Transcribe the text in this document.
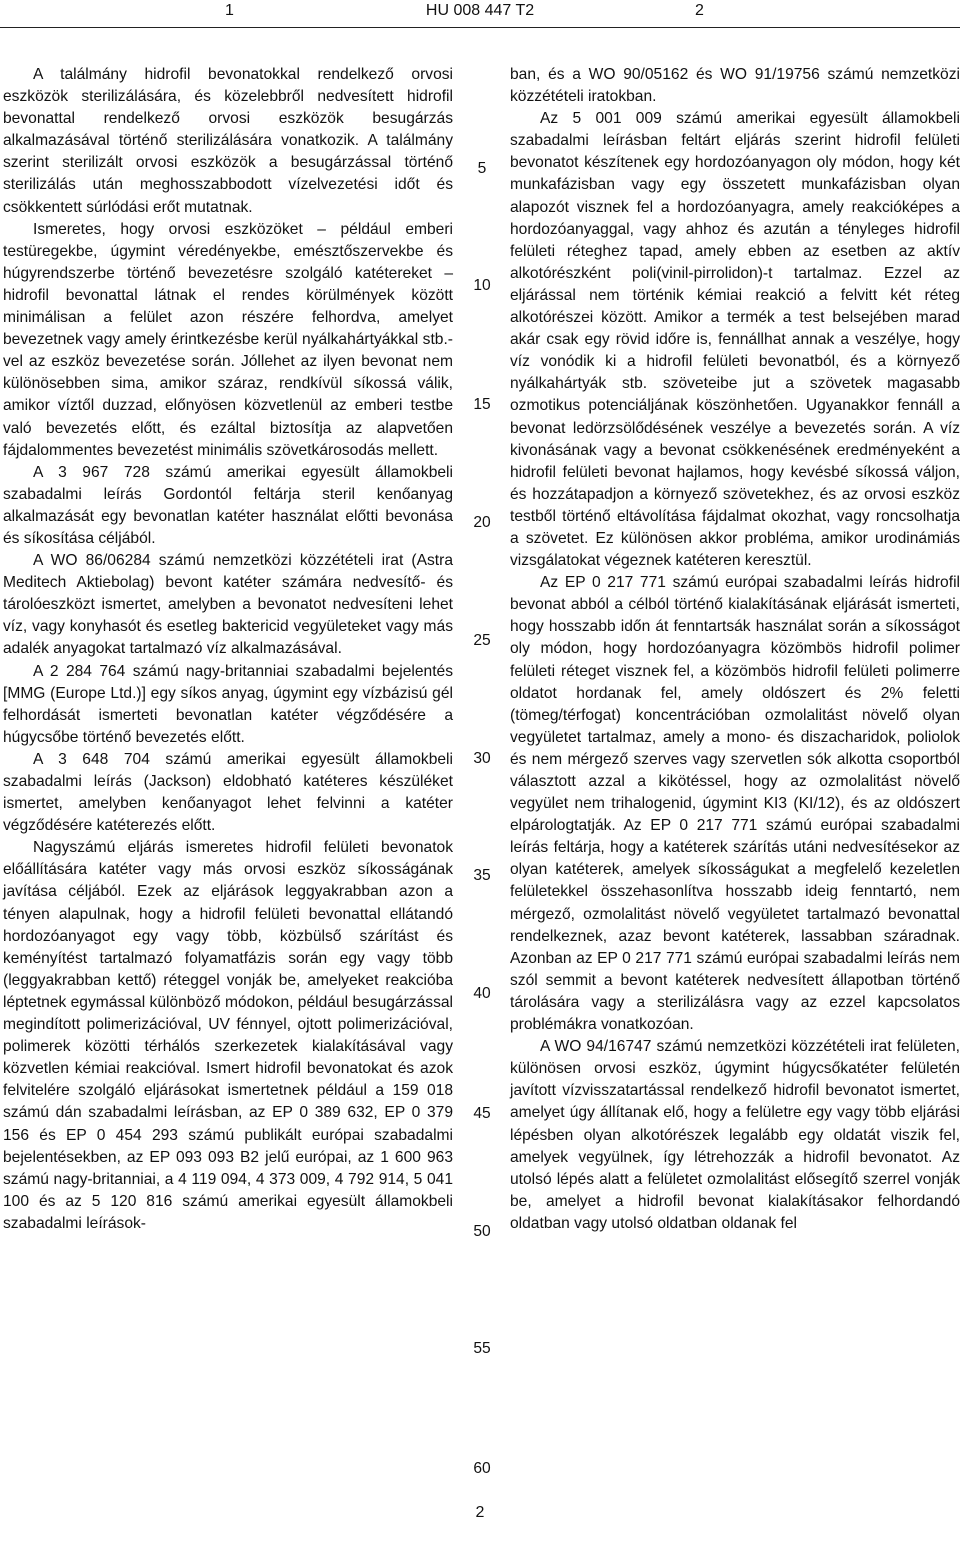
1	HU 008 447 T2	2

A találmány hidrofil bevonatokkal rendelkező orvosi eszközök sterilizálására, és közelebbről nedvesített hidrofil bevonattal rendelkező orvosi eszközök besugárzás alkalmazásával történő sterilizálására vonatkozik. A találmány szerint sterilizált orvosi eszközök a besugárzással történő sterilizálás után meghosszabbodott vízelvezetési időt és csökkentett súrlódási erőt mutatnak.

Ismeretes, hogy orvosi eszközöket – például emberi testüregekbe, úgymint véredényekbe, emésztőszervekbe és húgyrendszerbe történő bevezetésre szolgáló katétereket – hidrofil bevonattal látnak el rendes körülmények között minimálisan a felület azon részére felhordva, amelyet bevezetnek vagy amely érintkezésbe kerül nyálkahártyákkal stb.-vel az eszköz bevezetése során. Jóllehet az ilyen bevonat nem különösebben sima, amikor száraz, rendkívül síkossá válik, amikor víztől duzzad, előnyösen közvetlenül az emberi testbe való bevezetés előtt, és ezáltal biztosítja az alapvetően fájdalommentes bevezetést minimális szövetkárosodás mellett.

A 3 967 728 számú amerikai egyesült államokbeli szabadalmi leírás Gordontól feltárja steril kenőanyag alkalmazását egy bevonatlan katéter használat előtti bevonása és síkosítása céljából.

A WO 86/06284 számú nemzetközi közzétételi irat (Astra Meditech Aktiebolag) bevont katéter számára nedvesítő- és tárolóeszközt ismertet, amelyben a bevonatot nedvesíteni lehet víz, vagy konyhasót és esetleg baktericid vegyületeket vagy más adalék anyagokat tartalmazó víz alkalmazásával.

A 2 284 764 számú nagy-britanniai szabadalmi bejelentés [MMG (Europe Ltd.)] egy síkos anyag, úgymint egy vízbázisú gél felhordását ismerteti bevonatlan katéter végződésére a húgycsőbe történő bevezetés előtt.

A 3 648 704 számú amerikai egyesült államokbeli szabadalmi leírás (Jackson) eldobható katéteres készüléket ismertet, amelyben kenőanyagot lehet felvinni a katéter végződésére katéterezés előtt.

Nagyszámú eljárás ismeretes hidrofil felületi bevonatok előállítására katéter vagy más orvosi eszköz síkosságának javítása céljából. Ezek az eljárások leggyakrabban azon a tényen alapulnak, hogy a hidrofil felületi bevonattal ellátandó hordozóanyagot egy vagy több, közbülső szárítást és keményítést tartalmazó folyamatfázis során egy vagy több (leggyakrabban kettő) réteggel vonják be, amelyeket reakcióba léptetnek egymással különböző módokon, például besugárzással megindított polimerizációval, UV fénnyel, ojtott polimerizációval, polimerek közötti térhálós szerkezetek kialakításával vagy közvetlen kémiai reakcióval. Ismert hidrofil bevonatokat és azok felvitelére szolgáló eljárásokat ismertetnek például a 159 018 számú dán szabadalmi leírásban, az EP 0 389 632, EP 0 379 156 és EP 0 454 293 számú publikált európai szabadalmi bejelentésekben, az EP 093 093 B2 jelű európai, az 1 600 963 számú nagy-britanniai, a 4 119 094, 4 373 009, 4 792 914, 5 041 100 és az 5 120 816 számú amerikai egyesült államokbeli szabadalmi leírások-

ban, és a WO 90/05162 és WO 91/19756 számú nemzetközi közzétételi iratokban.

Az 5 001 009 számú amerikai egyesült államokbeli szabadalmi leírásban feltárt eljárás szerint hidrofil felületi bevonatot készítenek egy hordozóanyagon oly módon, hogy két munkafázisban vagy egy összetett munkafázisban olyan alapozót visznek fel a hordozóanyagra, amely reakcióképes a hordozóanyaggal, vagy ahhoz és azután a tényleges hidrofil felületi réteghez tapad, amely ebben az esetben az aktív alkotórészként poli(vinil-pirrolidon)-t tartalmaz. Ezzel az eljárással nem történik kémiai reakció a felvitt két réteg alkotórészei között. Amikor a termék a test belsejében marad akár csak egy rövid időre is, fennállhat annak a veszélye, hogy víz vonódik ki a hidrofil felületi bevonatból, és a környező nyálkahártyák stb. szöveteibe jut a szövetek magasabb ozmotikus potenciáljának köszönhetően. Ugyanakkor fennáll a bevonat ledörzsölődésének veszélye a bevezetés során. A víz kivonásának vagy a bevonat csökkenésének eredményeként a hidrofil felületi bevonat hajlamos, hogy kevésbé síkossá váljon, és hozzátapadjon a környező szövetekhez, és az orvosi eszköz testből történő eltávolítása fájdalmat okozhat, vagy roncsolhatja a szövetet. Ez különösen akkor probléma, amikor urodinámiás vizsgálatokat végeznek katéteren keresztül.

Az EP 0 217 771 számú európai szabadalmi leírás hidrofil bevonat abból a célból történő kialakításának eljárását ismerteti, hogy hosszabb időn át fenntartsák használat során a síkosságot oly módon, hogy hordozóanyagra közömbös hidrofil polimer felületi réteget visznek fel, a közömbös hidrofil felületi polimerre oldatot hordanak fel, amely oldószert és 2% feletti (tömeg/térfogat) koncentrációban ozmolalitást növelő olyan vegyületet tartalmaz, amely a mono- és diszacharidok, poliolok és nem mérgező szerves vagy szervetlen sók alkotta csoportból választott azzal a kikötéssel, hogy az ozmolalitást növelő vegyület nem trihalogenid, úgymint KI3 (KI/12), és az oldószert elpárologtatják. Az EP 0 217 771 számú európai szabadalmi leírás feltárja, hogy a katéterek szárítás utáni nedvesítésekor az olyan katéterek, amelyek síkosságukat a megfelelő kezeletlen felületekkel összehasonlítva hosszabb ideig fenntartó, nem mérgező, ozmolalitást növelő vegyületet tartalmazó bevonattal rendelkeznek, azaz bevont katéterek, lassabban száradnak. Azonban az EP 0 217 771 számú európai szabadalmi leírás nem szól semmit a bevont katéterek nedvesített állapotban történő tárolására vagy a sterilizálásra vagy az ezzel kapcsolatos problémákra vonatkozóan.

A WO 94/16747 számú nemzetközi közzétételi irat felületen, különösen orvosi eszköz, úgymint húgycsőkatéter felületén javított vízvisszatartással rendelkező hidrofil bevonatot ismertet, amelyet úgy állítanak elő, hogy a felületre egy vagy több eljárási lépésben olyan alkotórészek legalább egy oldatát viszik fel, amelyek vegyülnek, így létrehozzák a hidrofil bevonatot. Az utolsó lépés alatt a felületet ozmolalitást elősegítő szerrel vonják be, amelyet a hidrofil bevonat kialakításakor felhordandó oldatban vagy utolsó oldatban oldanak fel

5
10
15
20
25
30
35
40
45
50
55
60
2
